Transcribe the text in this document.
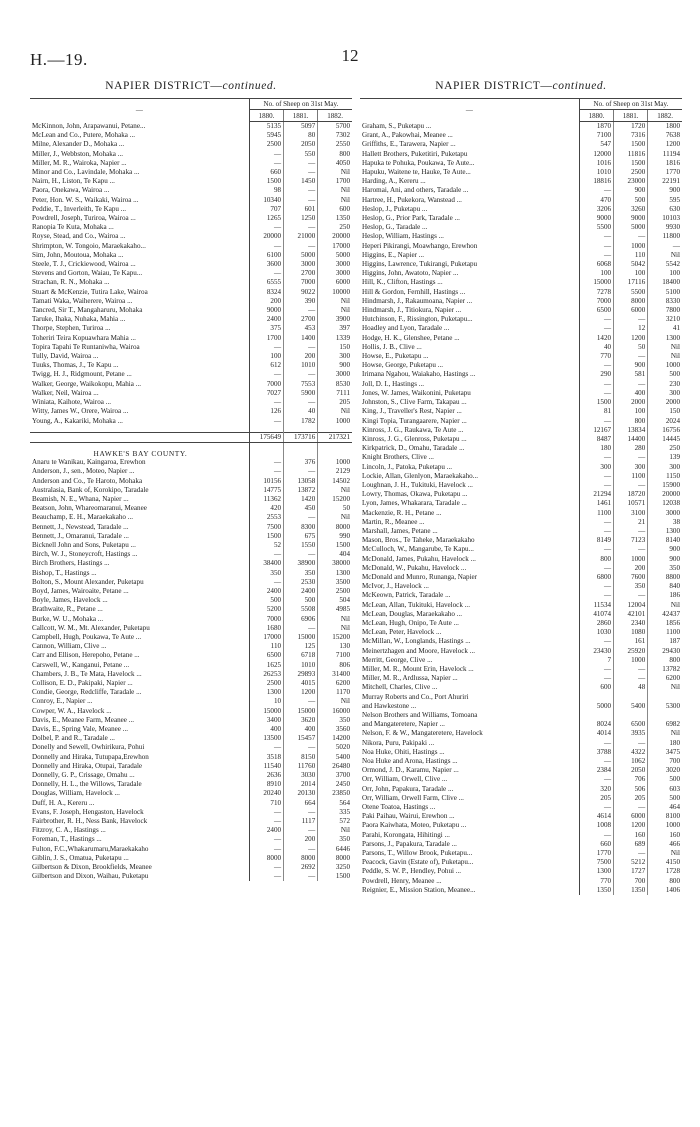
H.—19.	12
NAPIER DISTRICT—continued.
—	No. of Sheep on 31st May.		
	1880.	1881.	1882.
McKinnon, John, Arapawanui, Petane...	5135	5097	5700
McLean and Co., Putere, Mohaka ...	5945	80	7302
Milne, Alexander D., Mohaka ...	2500	2050	2550
Miller, J., Webbston, Mohaka ...	—	550	800
Miller, M. R., Wairoka, Napier ...	—	—	4050
Minor and Co., Lavindale, Mohaka ...	660	—	Nil
Nairn, H., Liston, Te Kapu ...	1500	1450	1700
Paora, Onekawa, Wairoa ...	98	—	Nil
Peter, Hon. W. S., Waikaki, Wairoa ...	10340	—	Nil
Peddie, T., Inverleith, Te Kapu ...	707	601	600
Powdrell, Joseph, Turiroa, Wairoa ...	1265	1250	1350
Ranopia Te Kuta, Mohaka ...	—	—	250
Royse, Stead, and Co., Wairoa ...	20000	21000	20000
Shrimpton, W. Tongoio, Maraekakaho...	—	—	17000
Sim, John, Moutoua, Mohaka ...	6100	5000	5000
Steele, T. J., Crickiewood, Wairoa ...	3600	3000	3000
Stevens and Gorton, Waiau, Te Kapu...	—	2700	3000
Strachan, R. N., Mohaka ...	6555	7000	6000
Stuart & McKenzie, Tutira Lake, Wairoa	8324	9022	10000
Tamati Waka, Waiherere, Wairoa ...	200	390	Nil
Tancred, Sir T., Mangaharuru, Mohaka	9000	—	Nil
Taruke, Ihaka, Nuhaka, Mahia ...	2400	2700	3900
Thorpe, Stephen, Turiroa ...	375	453	397
Toheriri Teira Kopuawhara Mahia ...	1700	1400	1339
Topira Tapahi Te Runtaniwha, Wairoa	—	—	150
Tully, David, Wairoa ...	100	200	300
Tuuks, Thomas, J., Te Kapu ...	612	1010	900
Twigg, H. J., Ridgmount, Petane ...	—	—	3000
Walker, George, Waikokopu, Mahia ...	7000	7553	8530
Walker, Neil, Wairoa ...	7027	5900	7111
Winiata, Kaihote, Wairoa ...	—	—	205
Witty, James W., Orere, Wairoa ...	126	40	Nil
Young, A., Kakariki, Mohaka ...	—	1782	1000

	175649	173716	217321

HAWKE'S BAY COUNTY.			
Anaru te Wanikau, Kaingaroa, Erewhon	—	376	1000
Anderson, J., sen., Moteo, Napier ...	—	—	2129
Anderson and Co., Te Haroto, Mohaka	10156	13058	14502
Australasia, Bank of, Korokipo, Taradale	14775	13872	Nil
Beamish, N. E., Whana, Napier ...	11362	1420	15200
Beatson, John, Whareomaranui, Meanee	420	450	50
Beauchamp, E. H., Maraekakaho ...	2553	—	Nil
Bennett, J., Newstead, Taradale ...	7500	8300	8000
Bennett, J., Omaranui, Taradale ...	1500	675	990
Bicknell John and Sons, Puketapu ...	52	1550	1500
Birch, W. J., Stoneycroft, Hastings ...	—	—	404
Birch Brothers, Hastings ...	38400	38900	38000
Bishop, T., Hastings ...	350	350	1300
Bolton, S., Mount Alexander, Puketapu	—	2530	3500
Boyd, James, Wairoaite, Petane ...	2400	2400	2500
Boyle, James, Havelock ...	500	500	504
Brathwaite, R., Petane ...	5200	5508	4985
Burke, W. U., Mohaka ...	7000	6906	Nil
Callcott, W. M., Mt. Alexander, Puketapu	1680	—	Nil
Campbell, Hugh, Poukawa, Te Aute ...	17000	15000	15200
Cannon, William, Clive ...	110	125	130
Carr and Ellison, Herepoho, Petane ...	6500	6718	7100
Carswell, W., Kanganui, Petane ...	1625	1010	806
Chambers, J. B., Te Mata, Havelock ...	26253	29893	31400
Collison, E. D., Pakipaki, Napier ...	2500	4015	6200
Condie, George, Redcliffe, Taradale ...	1300	1200	1170
Conroy, E., Napier ...	10	—	Nil
Cowper, W. A., Havelock ...	15000	15000	16000
Davis, E., Meanee Farm, Meanee ...	3400	3620	350
Davis, E., Spring Vale, Meanee ...	400	400	3560
Dolbel, P. and R., Taradale ...	13500	15457	14200
Donelly and Sewell, Owhirikura, Pohui	—	—	5020
Donnelly and Hiraka, Tutupapa,Erewhon	3518	8150	5400
Donnelly and Hiraka, Otupai, Taradale	11540	11760	26480
Donnelly, G. P., Crissage, Omahu ...	2636	3030	3700
Donnelly, H. L., the Willows, Taradale	8910	2014	2450
Douglas, William, Havelock ...	20240	20130	23850
Duff, H. A., Kereru ...	710	664	564
Evans, F. Joseph, Hengaston, Havelock	—	—	335
Fairbrother, R. H., Ness Bank, Havelock	—	1117	572
Fitzroy, C. A., Hastings ...	2400	—	Nil
Foreman, T., Hastings ...	—	200	350
Fulton, F.C.,Whakarumaru,Maraekakaho	—	—	6446
Giblin, J. S., Omatua, Puketapu ...	8000	8000	8000
Gilbertson & Dixon, Brookfields, Meanee	—	2692	3250
Gilbertson and Dixon, Waihau, Puketapu	—	—	1500
NAPIER DISTRICT—continued.
—	No. of Sheep on 31st May.		
	1880.	1881.	1882.
Graham, S., Puketapu ...	1870	1720	1800
Grant, A., Pakowhai, Meanee ...	7100	7316	7638
Griffiths, E., Tarawera, Napier ...	547	1500	1200
Hallett Brothers, Puketitiri, Puketapu	12000	11816	11194
Hapuka te Pohuka, Poukawa, Te Aute...	1016	1500	1816
Hapuku, Waitene te, Hauke, Te Aute...	1010	2500	1770
Harding, A., Kereru ...	18816	23000	22191
Haromai, Ani, and others, Taradale ...	—	900	900
Hartree, H., Pukekora, Wanstead ...	470	500	595
Heslop, J., Puketapu ...	3206	3260	630
Heslop, G., Prior Park, Taradale ...	9000	9000	10103
Heslop, G., Taradale ...	5500	5000	9930
Heslop, William, Hastings ...	—	—	11800
Heperi Pikirangi, Moawhango, Erewhon	—	1000	—
Higgins, E., Napier ...	—	110	Nil
Higgins, Lawrence, Tukirangi, Puketapu	6068	5042	5542
Higgins, John, Awatoto, Napier ...	100	100	100
Hill, K., Clifton, Hastings ...	15000	17116	18400
Hill & Gordon, Fernhill, Hastings ...	7278	5500	5100
Hindmarsh, J., Rakaumoana, Napier ...	7000	8000	8330
Hindmarsh, J., Titiokura, Napier ...	6500	6000	7800
Hutchinson, F., Rissington, Puketapu...	—	—	3210
Hoadley and Lyon, Taradale ...	—	12	41
Hodge, H. K., Glenshee, Petane ...	1420	1200	1300
Hollis, J. B., Clive ...	40	50	Nil
Howse, E., Puketapu ...	770	—	Nil
Howse, George, Puketapu ...	—	900	1000
Irimana Ngahou, Waiakaho, Hastings ...	290	581	500
Joll, D. I., Hastings ...	—	—	230
Jones, W. James, Waikonini, Puketapu	—	400	300
Johnston, S., Clive Farm, Takapau ...	1500	2000	2000
King, J., Traveller's Rest, Napier ...	81	100	150
Kingi Topia, Turangaarere, Napier ...	—	800	2024
Kinross, J. G., Raukawa, Te Aute ...	12167	13834	16756
Kinross, J. G., Glenross, Puketapu ...	8487	14400	14445
Kirkpatrick, D., Omahu, Taradale ...	180	280	250
Knight Brothers, Clive ...	—	—	139
Lincoln, J., Patoka, Puketapu ...	300	300	300
Lockie, Allan, Glenlyon, Maraekakaho...	—	1100	1150
Loughnan, J. H., Tukituki, Havelock ...	—	—	15900
Lowry, Thomas, Okawa, Puketapu ...	21294	18720	20000
Lyon, James, Whakarara, Taradale ...	1461	10571	12038
Mackenzie, R. H., Petane ...	1100	3100	3000
Martin, R., Meanee ...	—	21	38
Marshall, James, Petane ...	—	—	1300
Mason, Bros., Te Taheke, Maraekakaho	8149	7123	8140
McCulloch, W., Mangarube, Te Kapu...	—	—	900
McDonald, James, Pukahu, Havelock ...	800	1000	900
McDonald, W., Pukahu, Havelock ...	—	200	350
McDonald and Munro, Runanga, Napier	6800	7600	8800
McIvor, J., Havelock ...	—	350	840
McKeown, Patrick, Taradale ...	—	—	186
McLean, Allan, Tukituki, Havelock ...	11534	12004	Nil
McLean, Douglas, Maraekakaho ...	41074	42101	42437
McLean, Hugh, Onipo, Te Aute ...	2860	2340	1856
McLean, Peter, Havelock ...	1030	1080	1100
McMillan, W., Longlands, Hastings ...	—	161	187
Meinertzhagen and Moore, Havelock ...	23430	25920	29430
Merritt, George, Clive ...	7	1000	800
Miller, M. R., Mount Erin, Havelock ...	—	—	13782
Miller, M. R., Ardlussa, Napier ...	—	—	6200
Mitchell, Charles, Clive ...	600	48	Nil
Murray Roberts and Co., Port Ahuriri			
and Hawkestone ...	5000	5400	5300
Nelson Brothers and Williams, Tomoana			
and Mangateretere, Napier ...	8024	6500	6982
Nelson, F. & W., Mangateretere, Havelock	4014	3935	Nil
Nikora, Puru, Pakipaki ...	—	—	180
Noa Huke, Ohiti, Hastings ...	3788	4322	3475
Noa Huke and Arona, Hastings ...	—	1062	700
Ormond, J. D., Karamu, Napier ...	2384	2050	3020
Orr, William, Orwell, Clive ...	—	706	500
Orr, John, Papakura, Taradale ...	320	506	603
Orr, William, Orwell Farm, Clive ...	205	205	500
Otene Toatoa, Hastings ...	—	—	464
Paki Paihau, Wairui, Erewhon ...	4614	6000	8100
Paora Kaiwhata, Moteo, Puketapu ...	1008	1200	1000
Parahi, Korongata, Hihitingi ...	—	160	160
Parsons, J., Papakura, Taradale ...	660	689	466
Parsons, T., Willow Brook, Puketapu...	1770	—	Nil
Peacock, Gavin (Estate of), Puketapu...	7500	5212	4150
Peddle, S. W. P., Hendley, Pohui ...	1300	1727	1728
Powdrell, Henry, Meanee ...	770	700	800
Reignier, E., Mission Station, Meanee...	1350	1350	1406
